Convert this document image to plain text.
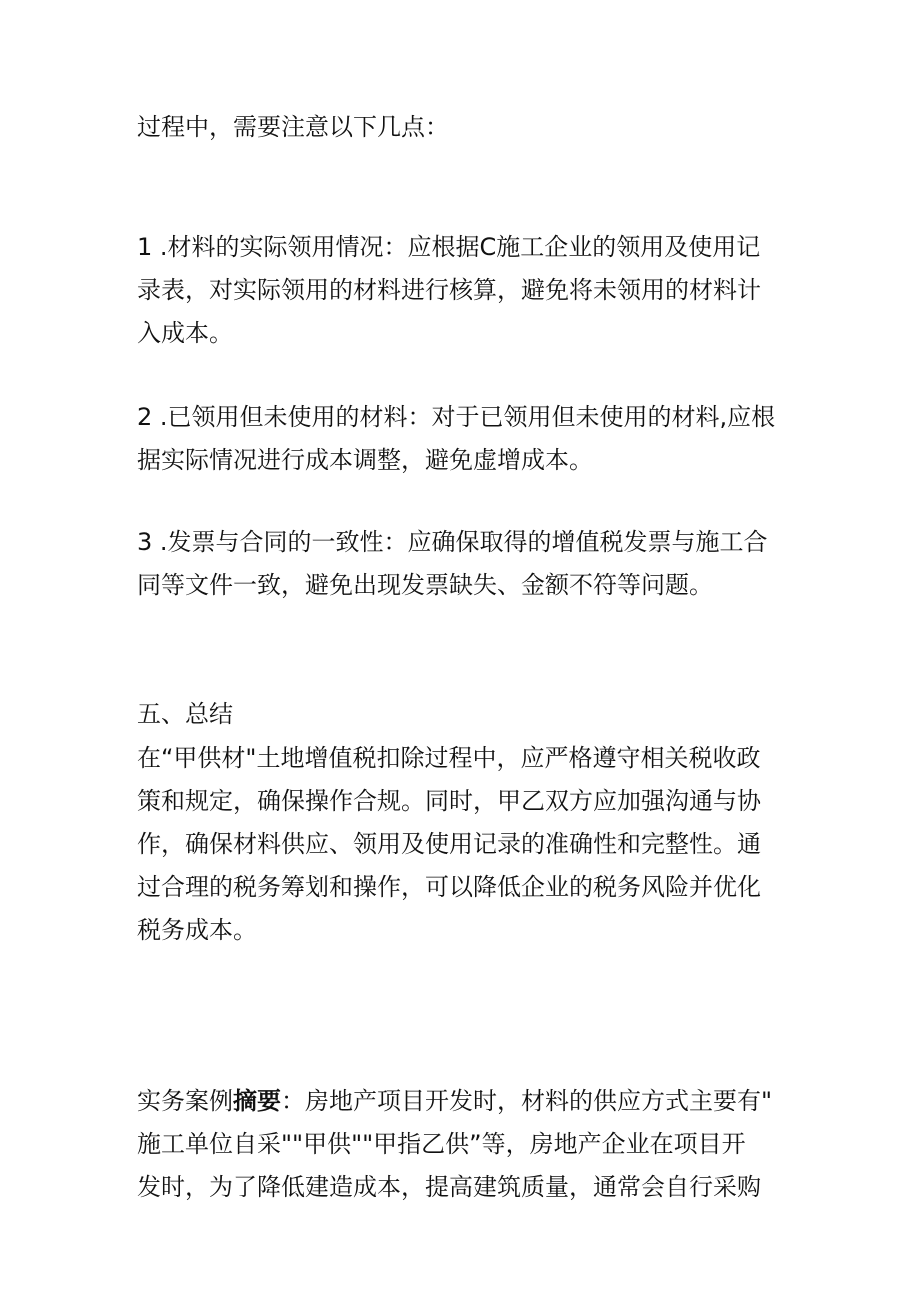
过程中，需要注意以下几点：
1 .材料的实际领用情况：应根据C施工企业的领用及使用记
录表，对实际领用的材料进行核算，避免将未领用的材料计
入成本。
2 .已领用但未使用的材料：对于已领用但未使用的材料,应根
据实际情况进行成本调整，避免虚增成本。
3 .发票与合同的一致性：应确保取得的增值税发票与施工合
同等文件一致，避免出现发票缺失、金额不符等问题。
五、总结
在“甲供材"土地增值税扣除过程中，应严格遵守相关税收政
策和规定，确保操作合规。同时，甲乙双方应加强沟通与协
作，确保材料供应、领用及使用记录的准确性和完整性。通
过合理的税务筹划和操作，可以降低企业的税务风险并优化
税务成本。
实务案例摘要：房地产项目开发时，材料的供应方式主要有"
施工单位自采""甲供""甲指乙供”等，房地产企业在项目开
发时，为了降低建造成本，提高建筑质量，通常会自行采购
